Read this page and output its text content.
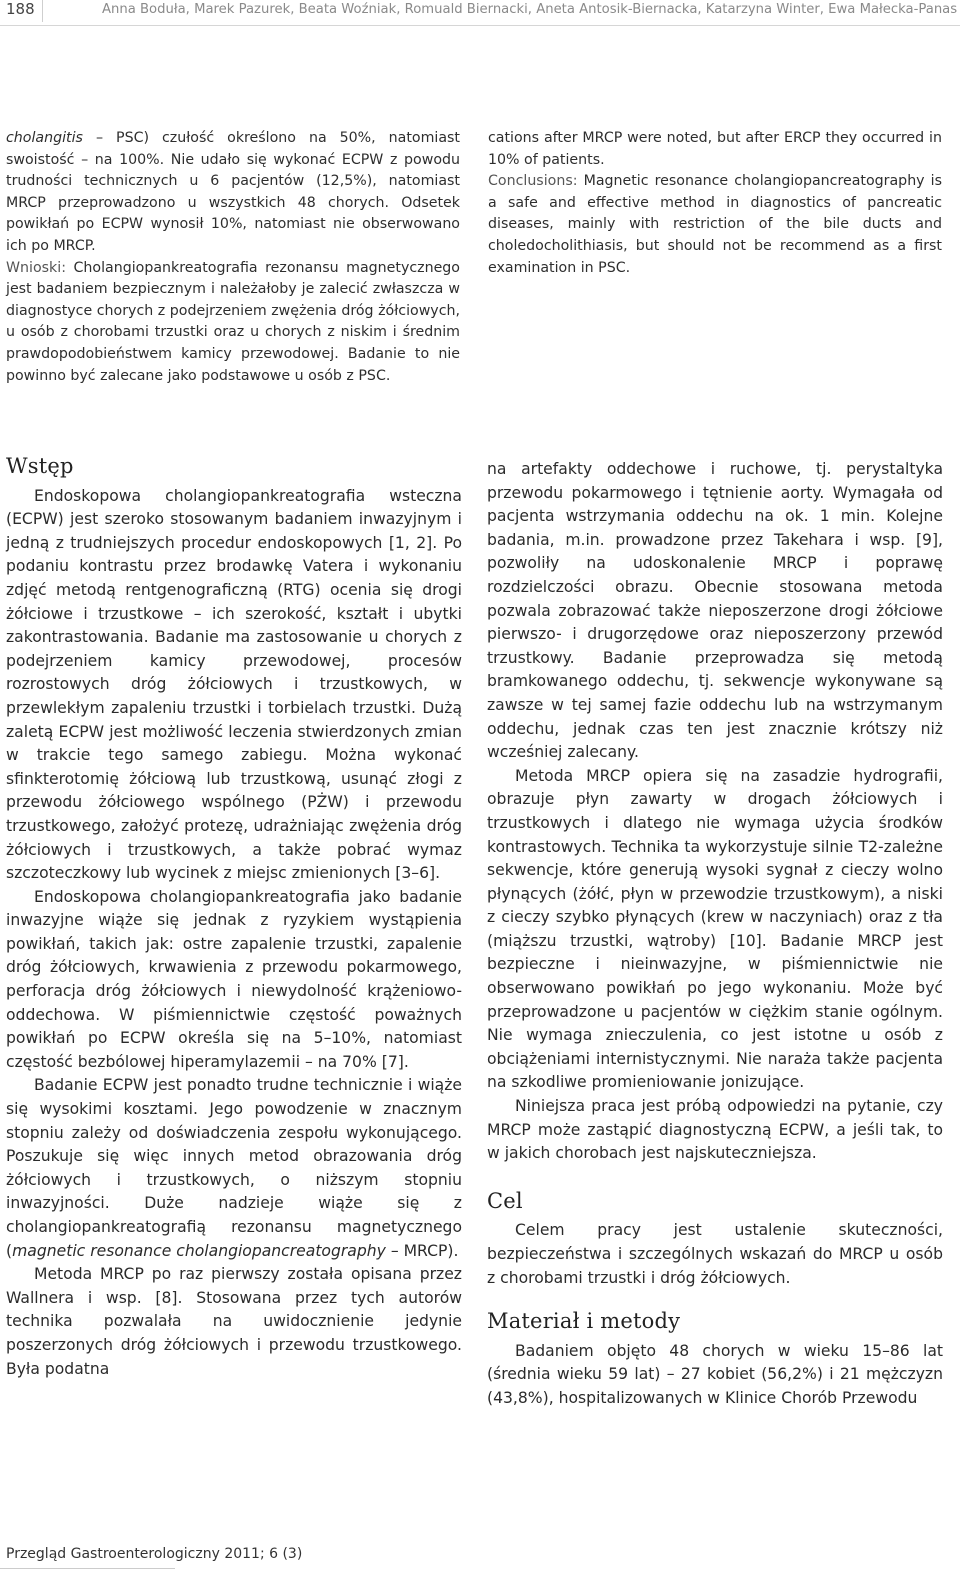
188	Anna Boduła, Marek Pazurek, Beata Woźniak, Romuald Biernacki, Aneta Antosik-Biernacka, Katarzyna Winter, Ewa Małecka-Panas

cholangitis – PSC) czułość określono na 50%, natomiast swoistość – na 100%. Nie udało się wykonać ECPW z powodu trudności technicznych u 6 pacjentów (12,5%), natomiast MRCP przeprowadzono u wszystkich 48 chorych. Odsetek powikłań po ECPW wynosił 10%, natomiast nie obserwowano ich po MRCP.

Wnioski: Cholangiopankreatografia rezonansu magnetycznego jest badaniem bezpiecznym i należałoby je zalecić zwłaszcza w diagnostyce chorych z podejrzeniem zwężenia dróg żółciowych, u osób z chorobami trzustki oraz u chorych z niskim i średnim prawdopodobieństwem kamicy przewodowej. Badanie to nie powinno być zalecane jako podstawowe u osób z PSC.

cations after MRCP were noted, but after ERCP they occurred in 10% of patients.

Conclusions: Magnetic resonance cholangiopancreatography is a safe and effective method in diagnostics of pancreatic diseases, mainly with restriction of the bile ducts and choledocholithiasis, but should not be recommend as a first examination in PSC.

Wstęp

Endoskopowa cholangiopankreatografia wsteczna (ECPW) jest szeroko stosowanym badaniem inwazyjnym i jedną z trudniejszych procedur endoskopowych [1, 2]. Po podaniu kontrastu przez brodawkę Vatera i wykonaniu zdjęć metodą rentgenograficzną (RTG) ocenia się drogi żółciowe i trzustkowe – ich szerokość, kształt i ubytki zakontrastowania. Badanie ma zastosowanie u chorych z podejrzeniem kamicy przewodowej, procesów rozrostowych dróg żółciowych i trzustkowych, w przewlekłym zapaleniu trzustki i torbielach trzustki. Dużą zaletą ECPW jest możliwość leczenia stwierdzonych zmian w trakcie tego samego zabiegu. Można wykonać sfinkterotomię żółciową lub trzustkową, usunąć złogi z przewodu żółciowego wspólnego (PŻW) i przewodu trzustkowego, założyć protezę, udrażniając zwężenia dróg żółciowych i trzustkowych, a także pobrać wymaz szczoteczkowy lub wycinek z miejsc zmienionych [3–6].

Endoskopowa cholangiopankreatografia jako badanie inwazyjne wiąże się jednak z ryzykiem wystąpienia powikłań, takich jak: ostre zapalenie trzustki, zapalenie dróg żółciowych, krwawienia z przewodu pokarmowego, perforacja dróg żółciowych i niewydolność krążeniowo-oddechowa. W piśmiennictwie częstość poważnych powikłań po ECPW określa się na 5–10%, natomiast częstość bezbólowej hiperamylazemii – na 70% [7].

Badanie ECPW jest ponadto trudne technicznie i wiąże się wysokimi kosztami. Jego powodzenie w znacznym stopniu zależy od doświadczenia zespołu wykonującego. Poszukuje się więc innych metod obrazowania dróg żółciowych i trzustkowych, o niższym stopniu inwazyjności. Duże nadzieje wiąże się z cholangiopankreatografią rezonansu magnetycznego (magnetic resonance cholangiopancreatography – MRCP).

Metoda MRCP po raz pierwszy została opisana przez Wallnera i wsp. [8]. Stosowana przez tych autorów technika pozwalała na uwidocznienie jedynie poszerzonych dróg żółciowych i przewodu trzustkowego. Była podatna

na artefakty oddechowe i ruchowe, tj. perystaltyka przewodu pokarmowego i tętnienie aorty. Wymagała od pacjenta wstrzymania oddechu na ok. 1 min. Kolejne badania, m.in. prowadzone przez Takehara i wsp. [9], pozwoliły na udoskonalenie MRCP i poprawę rozdzielczości obrazu. Obecnie stosowana metoda pozwala zobrazować także nieposzerzone drogi żółciowe pierwszo- i drugorzędowe oraz nieposzerzony przewód trzustkowy. Badanie przeprowadza się metodą bramkowanego oddechu, tj. sekwencje wykonywane są zawsze w tej samej fazie oddechu lub na wstrzymanym oddechu, jednak czas ten jest znacznie krótszy niż wcześniej zalecany.

Metoda MRCP opiera się na zasadzie hydrografii, obrazuje płyn zawarty w drogach żółciowych i trzustkowych i dlatego nie wymaga użycia środków kontrastowych. Technika ta wykorzystuje silnie T2-zależne sekwencje, które generują wysoki sygnał z cieczy wolno płynących (żółć, płyn w przewodzie trzustkowym), a niski z cieczy szybko płynących (krew w naczyniach) oraz z tła (miąższu trzustki, wątroby) [10]. Badanie MRCP jest bezpieczne i nieinwazyjne, w piśmiennictwie nie obserwowano powikłań po jego wykonaniu. Może być przeprowadzone u pacjentów w ciężkim stanie ogólnym. Nie wymaga znieczulenia, co jest istotne u osób z obciążeniami internistycznymi. Nie naraża także pacjenta na szkodliwe promieniowanie jonizujące.

Niniejsza praca jest próbą odpowiedzi na pytanie, czy MRCP może zastąpić diagnostyczną ECPW, a jeśli tak, to w jakich chorobach jest najskuteczniejsza.

Cel

Celem pracy jest ustalenie skuteczności, bezpieczeństwa i szczególnych wskazań do MRCP u osób z chorobami trzustki i dróg żółciowych.

Materiał i metody

Badaniem objęto 48 chorych w wieku 15–86 lat (średnia wieku 59 lat) – 27 kobiet (56,2%) i 21 mężczyzn (43,8%), hospitalizowanych w Klinice Chorób Przewodu

Przegląd Gastroenterologiczny 2011; 6 (3)
